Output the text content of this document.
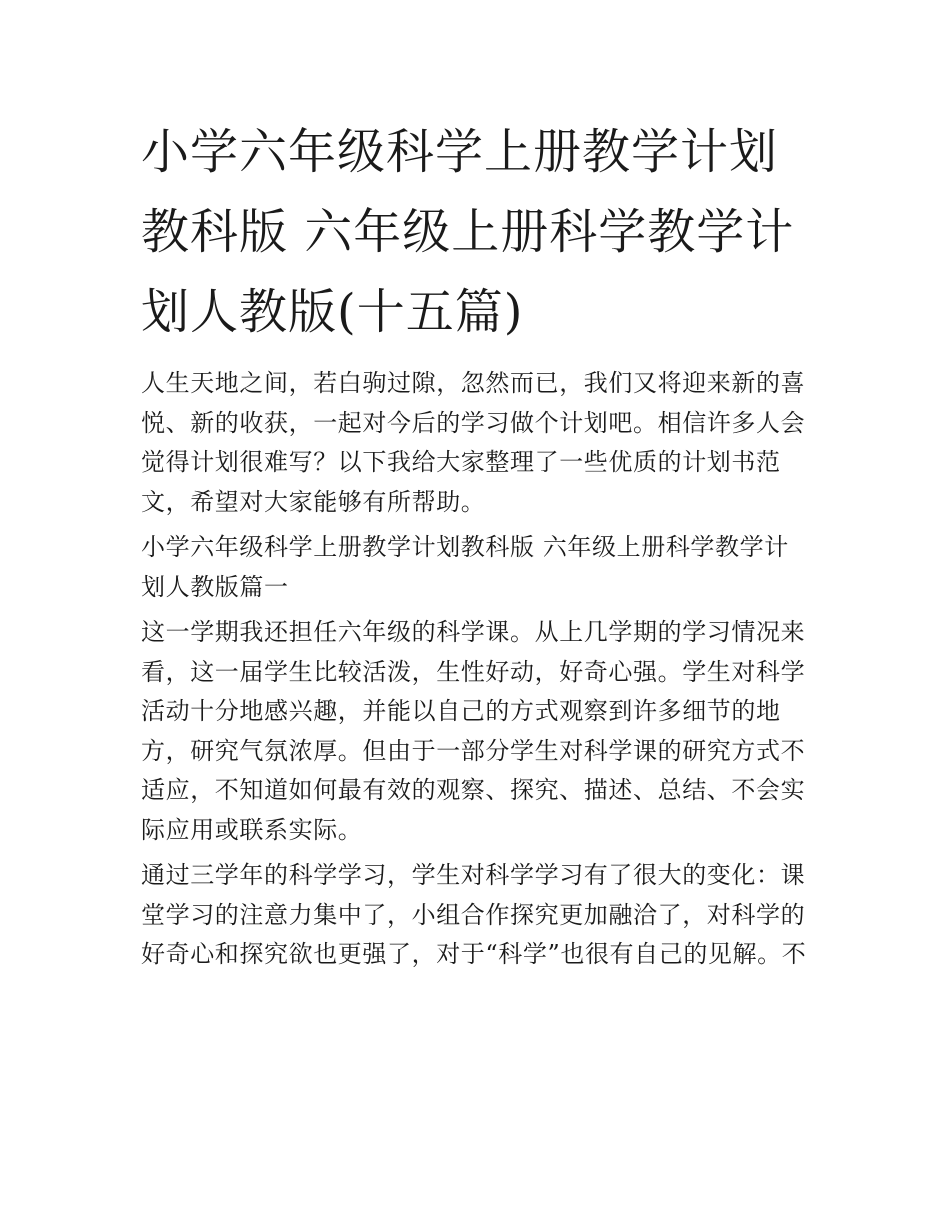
小学六年级科学上册教学计划教科版 六年级上册科学教学计划人教版(十五篇)

人生天地之间，若白驹过隙，忽然而已，我们又将迎来新的喜悦、新的收获，一起对今后的学习做个计划吧。相信许多人会觉得计划很难写？以下我给大家整理了一些优质的计划书范文，希望对大家能够有所帮助。

小学六年级科学上册教学计划教科版 六年级上册科学教学计划人教版篇一

这一学期我还担任六年级的科学课。从上几学期的学习情况来看，这一届学生比较活泼，生性好动，好奇心强。学生对科学活动十分地感兴趣，并能以自己的方式观察到许多细节的地方，研究气氛浓厚。但由于一部分学生对科学课的研究方式不适应，不知道如何最有效的观察、探究、描述、总结、不会实际应用或联系实际。

通过三学年的科学学习，学生对科学学习有了很大的变化：课堂学习的注意力集中了，小组合作探究更加融洽了，对科学的好奇心和探究欲也更强了，对于“科学”也很有自己的见解。不
